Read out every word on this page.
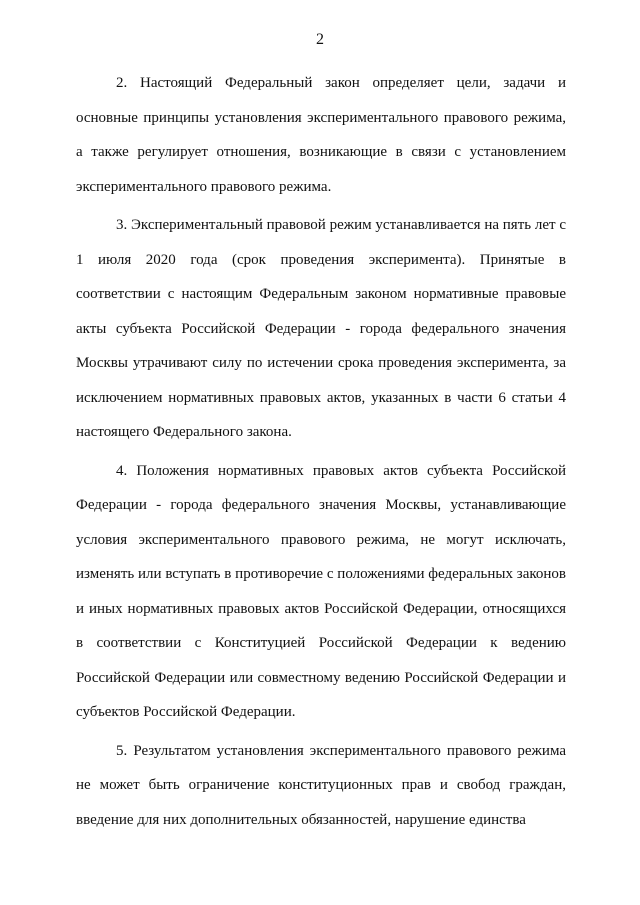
2

2. Настоящий Федеральный закон определяет цели, задачи и основные принципы установления экспериментального правового режима, а также регулирует отношения, возникающие в связи с установлением экспериментального правового режима.

3. Экспериментальный правовой режим устанавливается на пять лет с 1 июля 2020 года (срок проведения эксперимента). Принятые в соответствии с настоящим Федеральным законом нормативные правовые акты субъекта Российской Федерации - города федерального значения Москвы утрачивают силу по истечении срока проведения эксперимента, за исключением нормативных правовых актов, указанных в части 6 статьи 4 настоящего Федерального закона.

4. Положения нормативных правовых актов субъекта Российской Федерации - города федерального значения Москвы, устанавливающие условия экспериментального правового режима, не могут исключать, изменять или вступать в противоречие с положениями федеральных законов и иных нормативных правовых актов Российской Федерации, относящихся в соответствии с Конституцией Российской Федерации к ведению Российской Федерации или совместному ведению Российской Федерации и субъектов Российской Федерации.

5. Результатом установления экспериментального правового режима не может быть ограничение конституционных прав и свобод граждан, введение для них дополнительных обязанностей, нарушение единства
